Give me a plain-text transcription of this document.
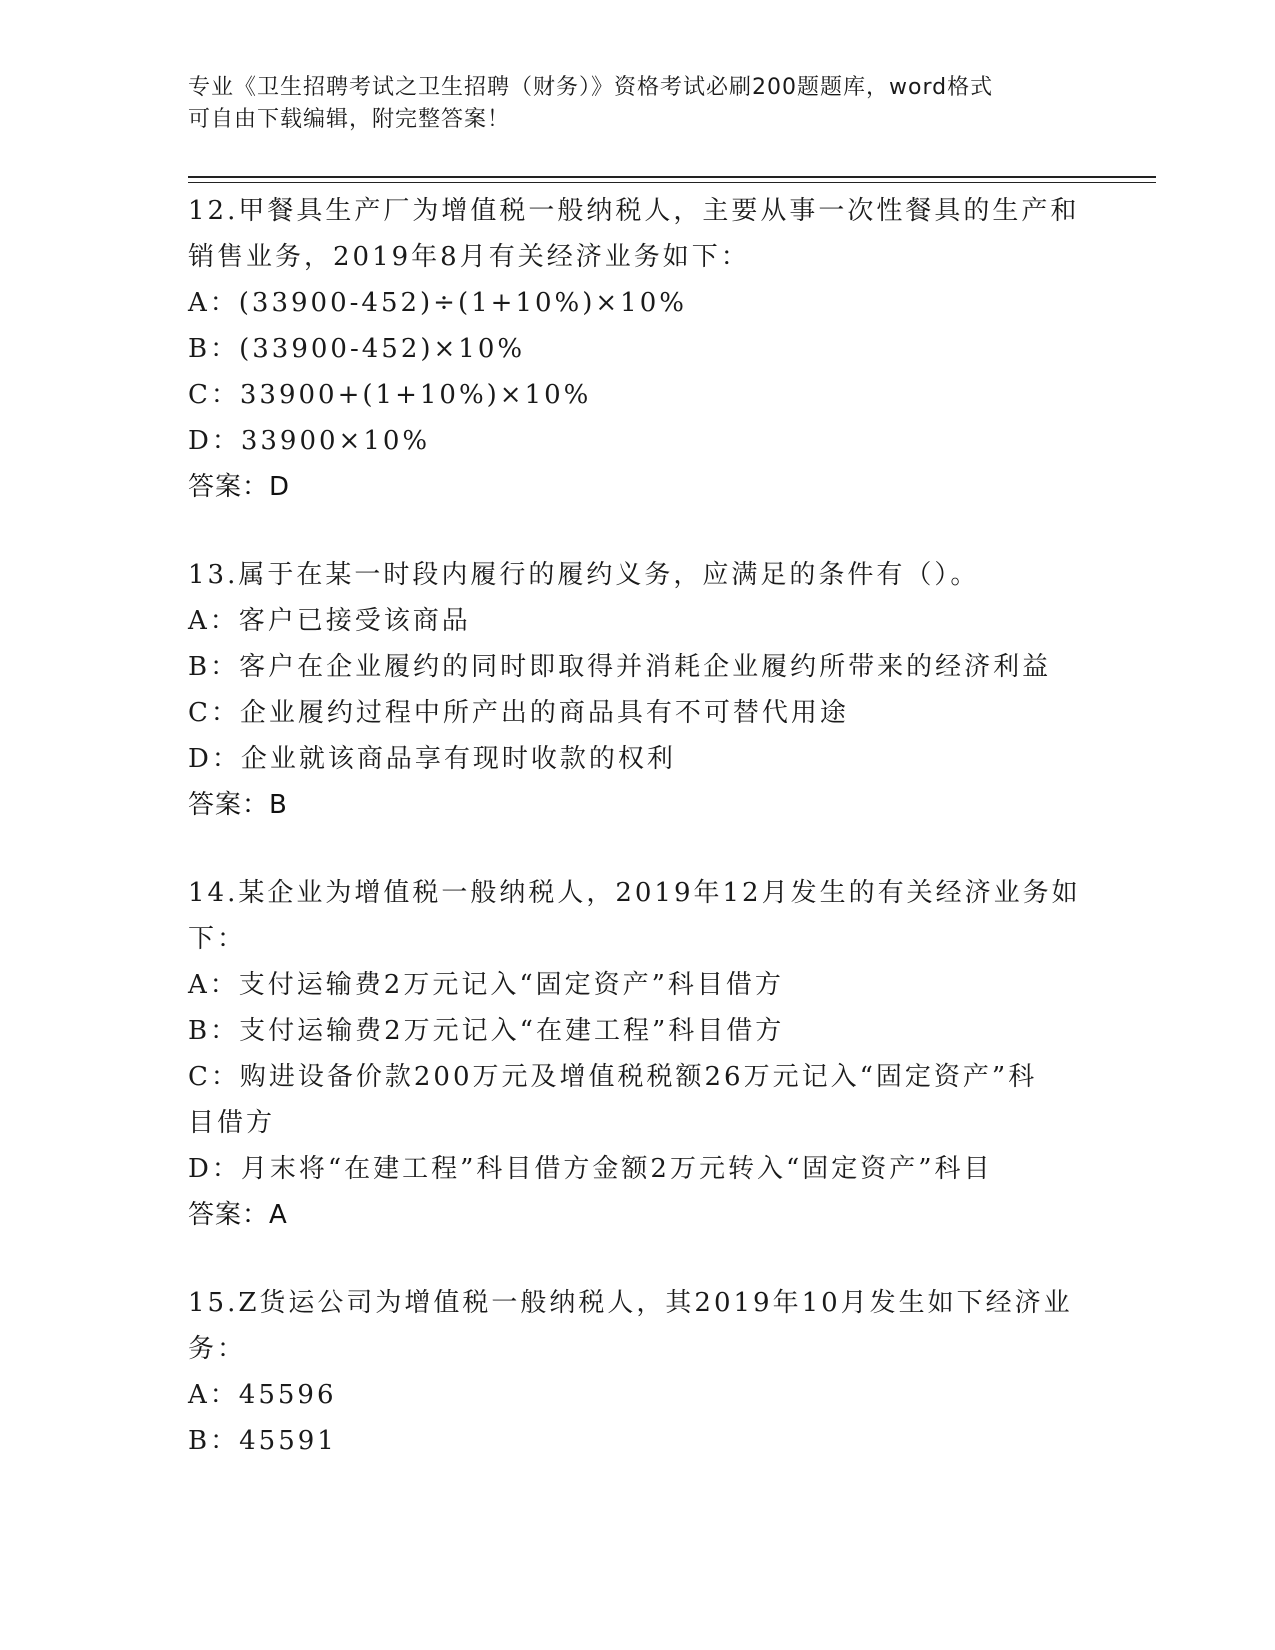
专业《卫生招聘考试之卫生招聘（财务）》资格考试必刷200题题库，word格式
可自由下载编辑，附完整答案！
12.甲餐具生产厂为增值税一般纳税人，主要从事一次性餐具的生产和
销售业务，2019年8月有关经济业务如下：
A：(33900-452)÷(1+10%)×10%
B：(33900-452)×10%
C：33900+(1+10%)×10%
D：33900×10%
答案：D
13.属于在某一时段内履行的履约义务，应满足的条件有（）。
A：客户已接受该商品
B：客户在企业履约的同时即取得并消耗企业履约所带来的经济利益
C：企业履约过程中所产出的商品具有不可替代用途
D：企业就该商品享有现时收款的权利
答案：B
14.某企业为增值税一般纳税人，2019年12月发生的有关经济业务如
下：
A：支付运输费2万元记入“固定资产”科目借方
B：支付运输费2万元记入“在建工程”科目借方
C：购进设备价款200万元及增值税税额26万元记入“固定资产”科
目借方
D：月末将“在建工程”科目借方金额2万元转入“固定资产”科目
答案：A
15.Z货运公司为增值税一般纳税人，其2019年10月发生如下经济业
务：
A：45596
B：45591
